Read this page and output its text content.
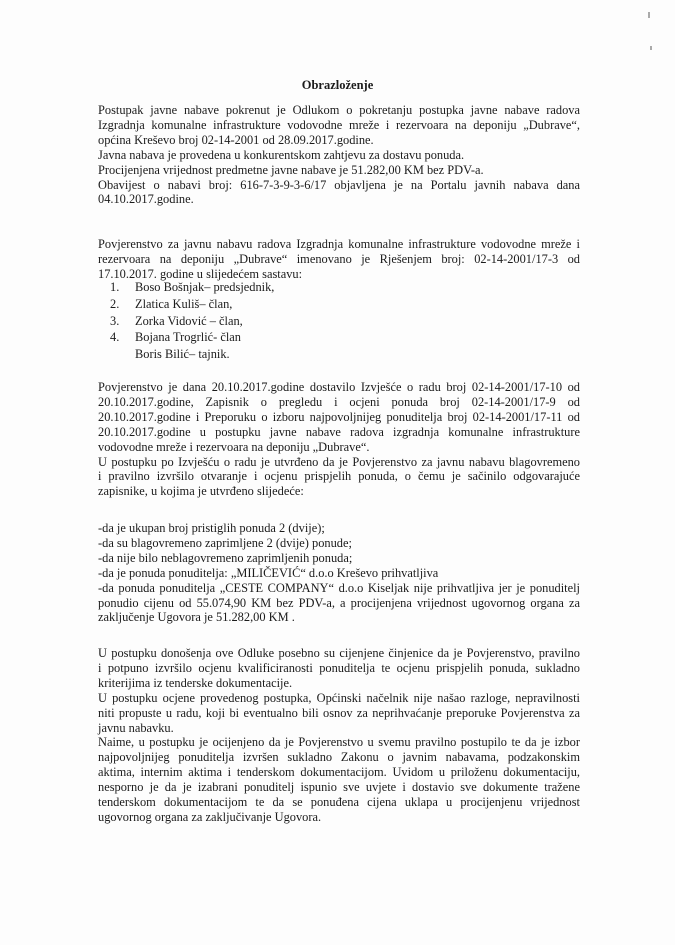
Obrazloženje
Postupak javne nabave pokrenut je Odlukom o pokretanju postupka javne nabave radova
Izgradnja komunalne infrastrukture vodovodne mreže i rezervoara na deponiju „Dubrave“,
općina Kreševo broj 02-14-2001 od 28.09.2017.godine.
Javna nabava je provedena u konkurentskom zahtjevu za dostavu ponuda.
Procijenjena vrijednost predmetne javne nabave je 51.282,00 KM bez PDV-a.
Obavijest o nabavi broj: 616-7-3-9-3-6/17 objavljena je na Portalu javnih nabava dana
04.10.2017.godine.
Povjerenstvo za javnu nabavu radova Izgradnja komunalne infrastrukture vodovodne mreže i
rezervoara na deponiju „Dubrave“ imenovano je Rješenjem broj: 02-14-2001/17-3 od
17.10.2017. godine u slijedećem sastavu:
1.	Boso Bošnjak– predsjednik,
2.	Zlatica Kuliš– član,
3.	Zorka Vidović – član,
4.	Bojana Trogrlić- član
Boris Bilić– tajnik.
Povjerenstvo je dana 20.10.2017.godine dostavilo Izvješće o radu broj 02-14-2001/17-10 od
20.10.2017.godine, Zapisnik o pregledu i ocjeni ponuda broj 02-14-2001/17-9 od
20.10.2017.godine i Preporuku o izboru najpovoljnijeg ponuditelja broj 02-14-2001/17-11 od
20.10.2017.godine u postupku javne nabave radova izgradnja komunalne infrastrukture
vodovodne mreže i rezervoara na deponiju „Dubrave“.
U postupku po Izvješću o radu je utvrđeno da je Povjerenstvo za javnu nabavu blagovremeno
i pravilno izvršilo otvaranje i ocjenu prispjelih ponuda, o čemu je sačinilo odgovarajuće
zapisnike, u kojima je utvrđeno slijedeće:
-da je ukupan broj pristiglih ponuda 2 (dvije);
-da su blagovremeno zaprimljene 2 (dvije) ponude;
-da nije bilo neblagovremeno zaprimljenih ponuda;
-da je ponuda ponuditelja: „MILIČEVIĆ“ d.o.o Kreševo prihvatljiva
-da ponuda ponuditelja „CESTE COMPANY“ d.o.o Kiseljak nije prihvatljiva jer je ponuditelj
ponudio cijenu od 55.074,90 KM bez PDV-a, a procijenjena vrijednost ugovornog organa za
zaključenje Ugovora je 51.282,00 KM .
U postupku donošenja ove Odluke posebno su cijenjene činjenice da je Povjerenstvo, pravilno
i potpuno izvršilo ocjenu kvalificiranosti ponuditelja te ocjenu prispjelih ponuda, sukladno
kriterijima iz tenderske dokumentacije.
U postupku ocjene provedenog postupka, Općinski načelnik nije našao razloge, nepravilnosti
niti propuste u radu, koji bi eventualno bili osnov za neprihvaćanje preporuke Povjerenstva za
javnu nabavku.
Naime, u postupku je ocijenjeno da je Povjerenstvo u svemu pravilno postupilo te da je izbor
najpovoljnijeg ponuditelja izvršen sukladno Zakonu o javnim nabavama, podzakonskim
aktima, internim aktima i tenderskom dokumentacijom. Uvidom u priloženu dokumentaciju,
nesporno je da je izabrani ponuditelj ispunio sve uvjete i dostavio sve dokumente tražene
tenderskom dokumentacijom te da se ponuđena cijena uklapa u procijenjenu vrijednost
ugovornog organa za zaključivanje Ugovora.
